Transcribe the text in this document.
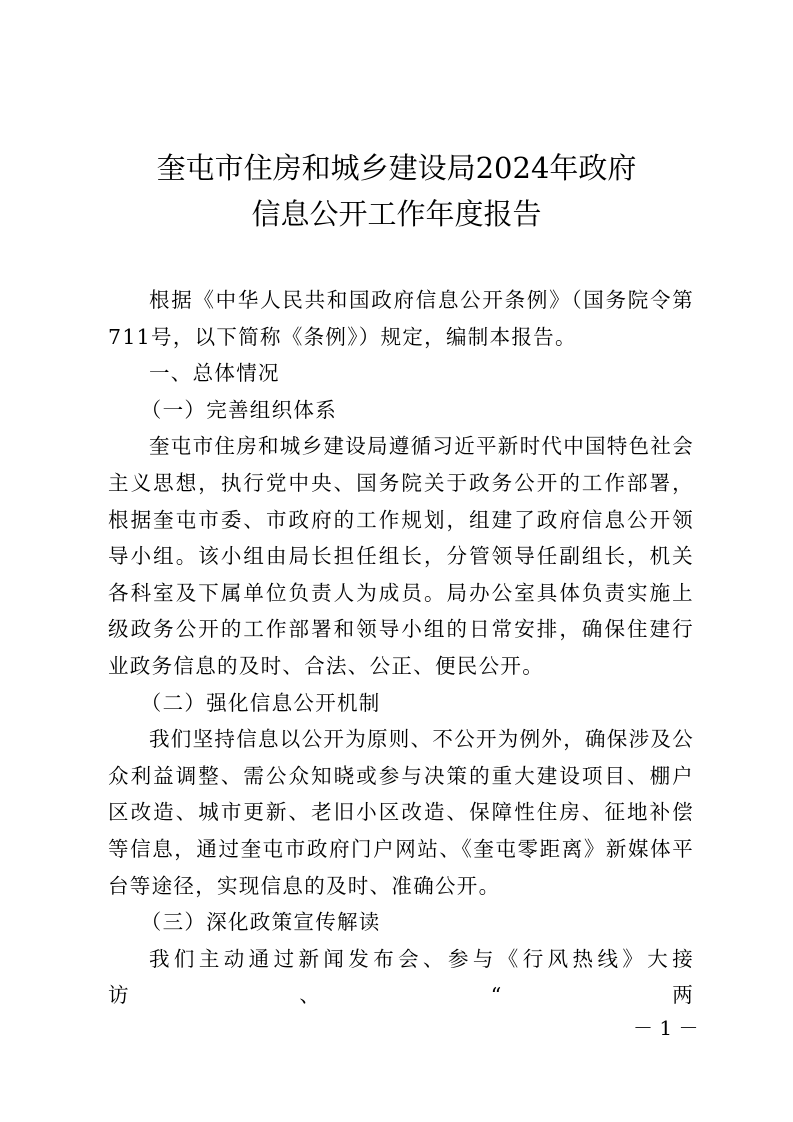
奎屯市住房和城乡建设局2024年政府
信息公开工作年度报告

根据《中华人民共和国政府信息公开条例》（国务院令第

711号，以下简称《条例》）规定，编制本报告。

一、总体情况

（一）完善组织体系

奎屯市住房和城乡建设局遵循习近平新时代中国特色社会主义思想，执行党中央、国务院关于政务公开的工作部署，根据奎屯市委、市政府的工作规划，组建了政府信息公开领导小组。该小组由局长担任组长，分管领导任副组长，机关各科室及下属单位负责人为成员。局办公室具体负责实施上级政务公开的工作部署和领导小组的日常安排，确保住建行业政务信息的及时、合法、公正、便民公开。

（二）强化信息公开机制

我们坚持信息以公开为原则、不公开为例外，确保涉及公众利益调整、需公众知晓或参与决策的重大建设项目、棚户区改造、城市更新、老旧小区改造、保障性住房、征地补偿等信息，通过奎屯市政府门户网站、《奎屯零距离》新媒体平台等途径，实现信息的及时、准确公开。

（三）深化政策宣传解读

我们主动通过新闻发布会、参与《行风热线》大接访、“两

－ 1 －
